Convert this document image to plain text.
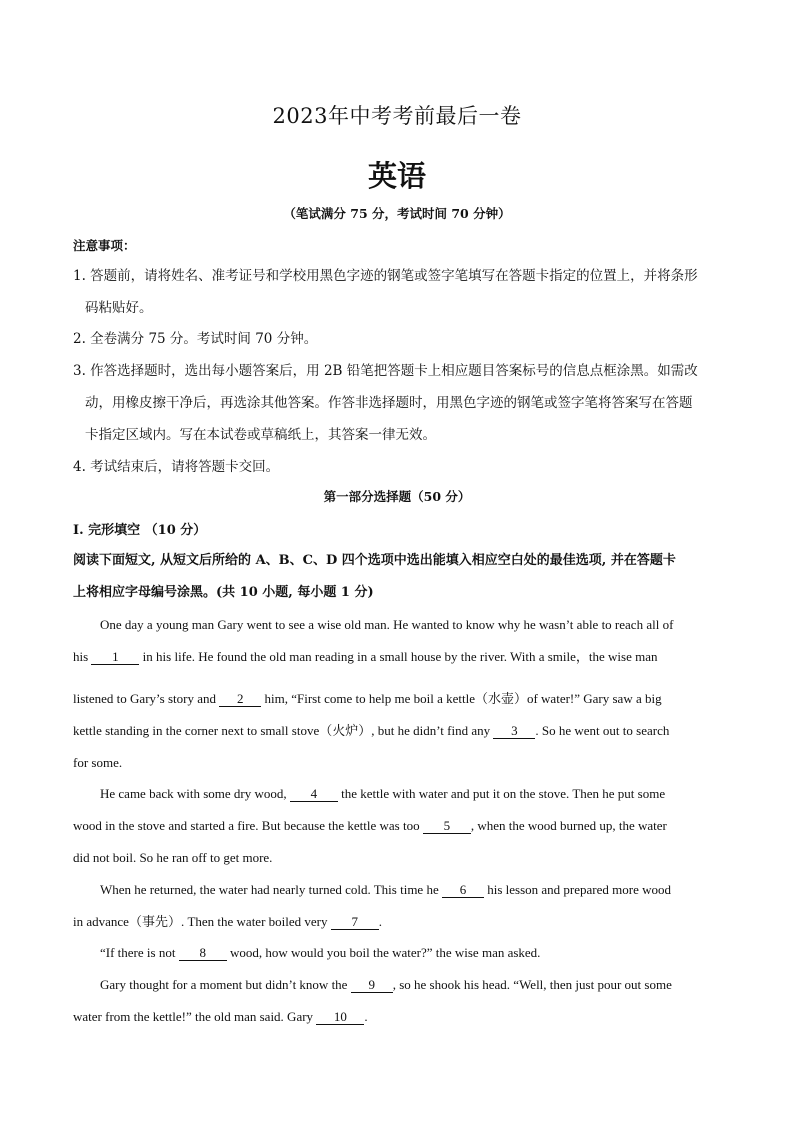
2023年中考考前最后一卷
英语
（笔试满分 75 分，考试时间 70 分钟）
注意事项：
1. 答题前，请将姓名、准考证号和学校用黑色字迹的钢笔或签字笔填写在答题卡指定的位置上，并将条形
码粘贴好。
2. 全卷满分 75 分。考试时间 70 分钟。
3. 作答选择题时，选出每小题答案后，用 2B 铅笔把答题卡上相应题目答案标号的信息点框涂黑。如需改
动，用橡皮擦干净后，再选涂其他答案。作答非选择题时，用黑色字迹的钢笔或签字笔将答案写在答题
卡指定区域内。写在本试卷或草稿纸上，其答案一律无效。
4. 考试结束后，请将答题卡交回。
第一部分选择题（50 分）
I. 完形填空 （10 分）
阅读下面短文, 从短文后所给的 A、B、C、D 四个选项中选出能填入相应空白处的最佳选项, 并在答题卡
上将相应字母编号涂黑。(共 10 小题, 每小题 1 分)
One day a young man Gary went to see a wise old man. He wanted to know why he wasn’t able to reach all of
his 1 in his life. He found the old man reading in a small house by the river. With a smile，the wise man
listened to Gary’s story and 2 him, “First come to help me boil a kettle（水壶）of water!” Gary saw a big
kettle standing in the corner next to small stove（火炉）, but he didn’t find any 3 . So he went out to search
for some.
He came back with some dry wood, 4 the kettle with water and put it on the stove. Then he put some
wood in the stove and started a fire. But because the kettle was too 5 , when the wood burned up, the water
did not boil. So he ran off to get more.
When he returned, the water had nearly turned cold. This time he 6 his lesson and prepared more wood
in advance（事先）. Then the water boiled very 7 .
“If there is not 8 wood, how would you boil the water?” the wise man asked.
Gary thought for a moment but didn’t know the 9 , so he shook his head. “Well, then just pour out some
water from the kettle!” the old man said. Gary 10 .
